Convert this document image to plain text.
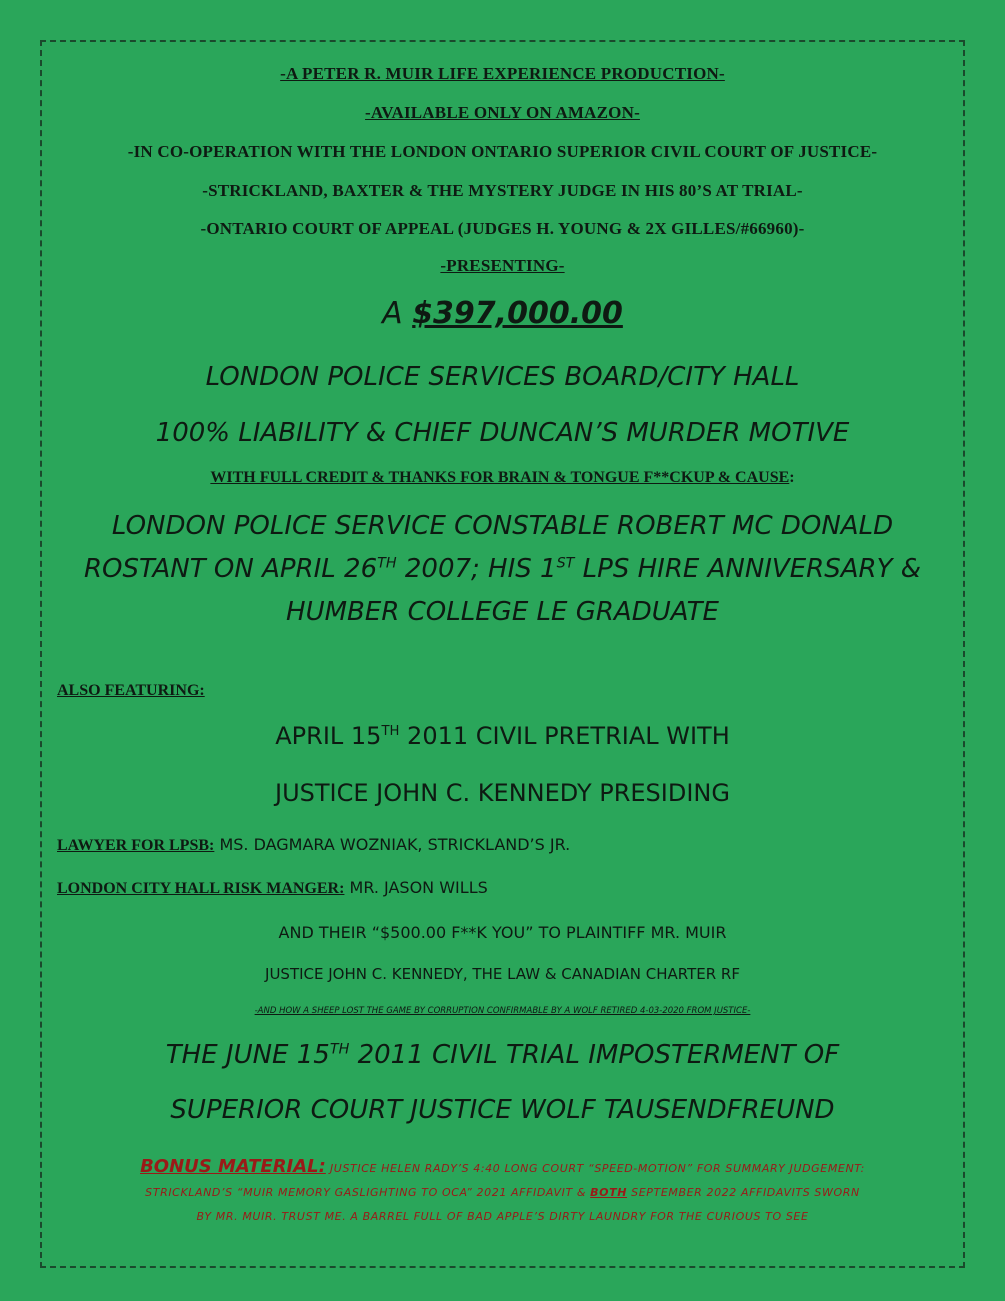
-A PETER R. MUIR LIFE EXPERIENCE PRODUCTION-
-AVAILABLE ONLY ON AMAZON-
-IN CO-OPERATION WITH THE LONDON ONTARIO SUPERIOR CIVIL COURT OF JUSTICE-
-STRICKLAND, BAXTER & THE MYSTERY JUDGE IN HIS 80’S AT TRIAL-
-ONTARIO COURT OF APPEAL (JUDGES H. YOUNG & 2X GILLES/#66960)-
-PRESENTING-
A $397,000.00
LONDON POLICE SERVICES BOARD/CITY HALL
100% LIABILITY & CHIEF DUNCAN’S MURDER MOTIVE
WITH FULL CREDIT & THANKS FOR BRAIN & TONGUE F**CKUP & CAUSE:
LONDON POLICE SERVICE CONSTABLE ROBERT MC DONALD
ROSTANT ON APRIL 26TH 2007; HIS 1ST LPS HIRE ANNIVERSARY &
HUMBER COLLEGE LE GRADUATE
ALSO FEATURING:
APRIL 15TH 2011 CIVIL PRETRIAL WITH
JUSTICE JOHN C. KENNEDY PRESIDING
LAWYER FOR LPSB: MS. DAGMARA WOZNIAK, STRICKLAND’S JR.
LONDON CITY HALL RISK MANGER: MR. JASON WILLS
AND THEIR “$500.00 F**K YOU” TO PLAINTIFF MR. MUIR
JUSTICE JOHN C. KENNEDY, THE LAW & CANADIAN CHARTER RF
-AND HOW A SHEEP LOST THE GAME BY CORRUPTION CONFIRMABLE BY A WOLF RETIRED 4-03-2020 FROM JUSTICE-
THE JUNE 15TH 2011 CIVIL TRIAL IMPOSTERMENT OF
SUPERIOR COURT JUSTICE WOLF TAUSENDFREUND
BONUS MATERIAL: JUSTICE HELEN RADY’S 4:40 LONG COURT “SPEED-MOTION” FOR SUMMARY JUDGEMENT:
STRICKLAND’S “MUIR MEMORY GASLIGHTING TO OCA” 2021 AFFIDAVIT & BOTH SEPTEMBER 2022 AFFIDAVITS SWORN
BY MR. MUIR. TRUST ME. A BARREL FULL OF BAD APPLE’S DIRTY LAUNDRY FOR THE CURIOUS TO SEE
